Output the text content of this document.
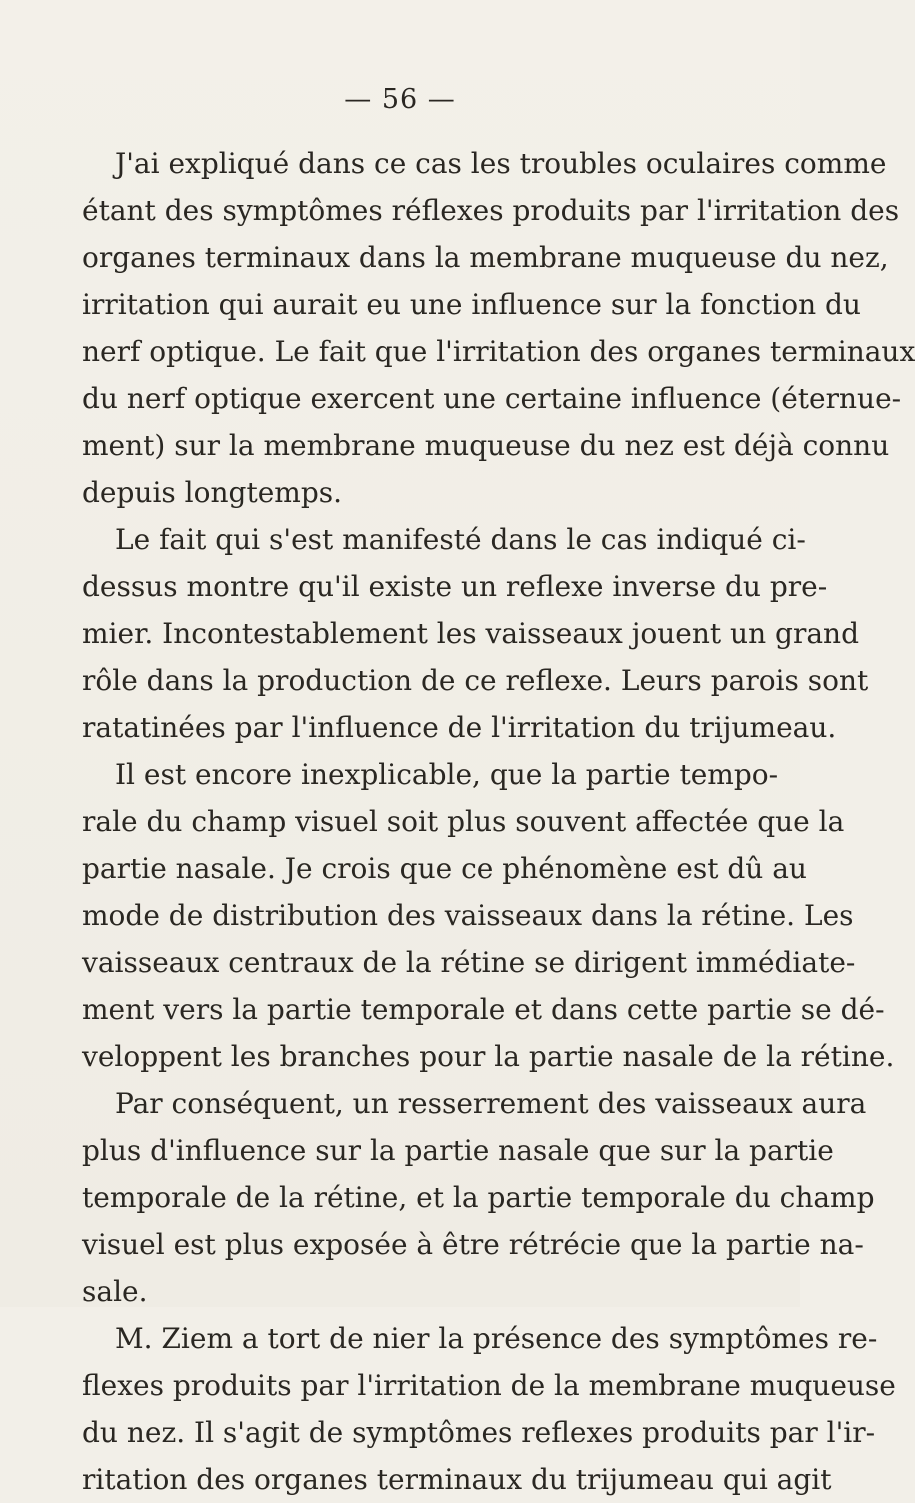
— 56 —
J'ai expliqué dans ce cas les troubles oculaires comme
étant des symptômes réflexes produits par l'irritation des
organes terminaux dans la membrane muqueuse du nez,
irritation qui aurait eu une influence sur la fonction du
nerf optique. Le fait que l'irritation des organes terminaux
du nerf optique exercent une certaine influence (éternue-
ment) sur la membrane muqueuse du nez est déjà connu
depuis longtemps.
Le fait qui s'est manifesté dans le cas indiqué ci-
dessus montre qu'il existe un reflexe inverse du pre-
mier. Incontestablement les vaisseaux jouent un grand
rôle dans la production de ce reflexe. Leurs parois sont
ratatinées par l'influence de l'irritation du trijumeau.
Il est encore inexplicable, que la partie tempo-
rale du champ visuel soit plus souvent affectée que la
partie nasale. Je crois que ce phénomène est dû au
mode de distribution des vaisseaux dans la rétine. Les
vaisseaux centraux de la rétine se dirigent immédiate-
ment vers la partie temporale et dans cette partie se dé-
veloppent les branches pour la partie nasale de la rétine.
Par conséquent, un resserrement des vaisseaux aura
plus d'influence sur la partie nasale que sur la partie
temporale de la rétine, et la partie temporale du champ
visuel est plus exposée à être rétrécie que la partie na-
sale.
M. Ziem a tort de nier la présence des symptômes re-
flexes produits par l'irritation de la membrane muqueuse
du nez. Il s'agit de symptômes reflexes produits par l'ir-
ritation des organes terminaux du trijumeau qui agit
